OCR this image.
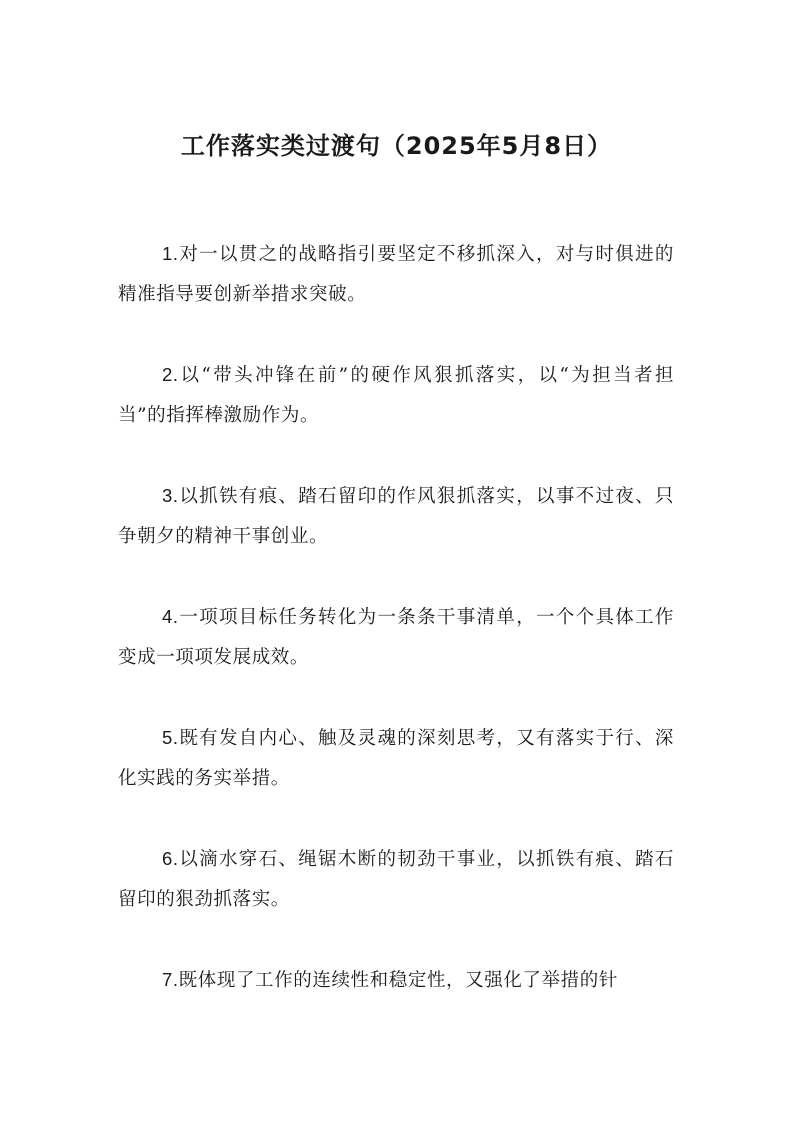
工作落实类过渡句（2025年5月8日）

1.对一以贯之的战略指引要坚定不移抓深入，对与时俱进的精准指导要创新举措求突破。

2.以“带头冲锋在前”的硬作风狠抓落实，以“为担当者担当”的指挥棒激励作为。

3.以抓铁有痕、踏石留印的作风狠抓落实，以事不过夜、只争朝夕的精神干事创业。

4.一项项目标任务转化为一条条干事清单，一个个具体工作变成一项项发展成效。

5.既有发自内心、触及灵魂的深刻思考，又有落实于行、深化实践的务实举措。

6.以滴水穿石、绳锯木断的韧劲干事业，以抓铁有痕、踏石留印的狠劲抓落实。

7.既体现了工作的连续性和稳定性，又强化了举措的针
